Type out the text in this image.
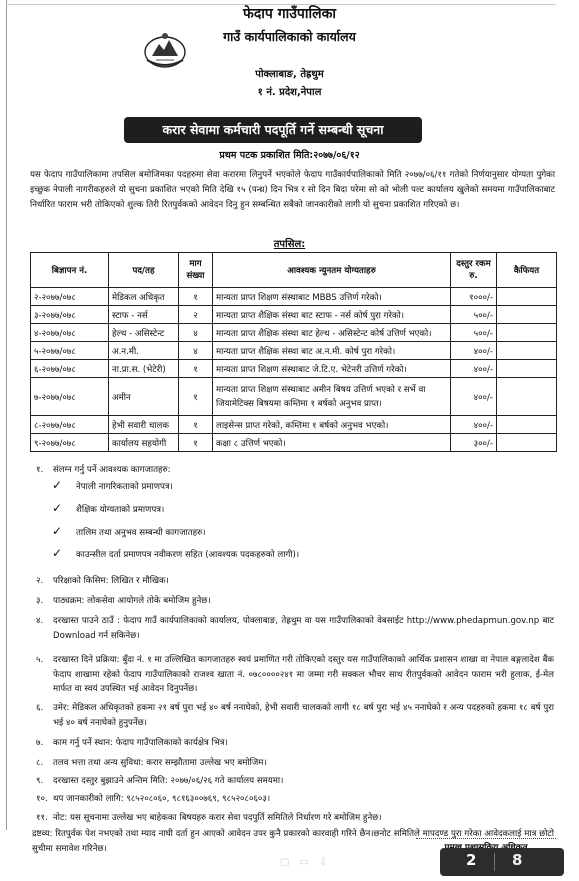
फेदाप गाउँपालिका
गाउँ कार्यपालिकाको कार्यालय
पोक्लाबाङ, तेह्रथुम
१ नं. प्रदेश,नेपाल
करार सेवामा कर्मचारी पदपूर्ति गर्ने सम्बन्धी सूचना
प्रथम पटक प्रकाशित मिति:२०७७/०६/१२
यस फेदाप गाउँपालिकामा तपसिल बमोजिमका पदहरुमा सेवा करारमा लिनुपर्ने भएकोले फेदाप गाउँकार्यपालिकाको मिति २०७७/०६/११ गतेको निर्णयानुसार योग्यता पुगेका इच्छुक नेपाली नागरीकहरुले यो सुचना प्रकाशित भएको मिति देखि १५ (पन्ध्र) दिन भित्र र सो दिन बिदा परेमा सो को भोली पल्ट कार्यालय खुलेको समयमा गाउँपालिकाबाट निर्धारित फाराम भरी तोकिएको शुल्क तिरी रितपुर्वकको आवेदन दिनु हुन सम्बन्धित सबैको जानकारीको लागी यो सुचना प्रकाशित गरिएको छ।
तपसिल:
बिज्ञापन नं.	पद/तह	माग संख्या	आवश्यक न्युनतम योग्यताहरु	दस्तुर रकम रु.	कैफियत
२-२०७७/०७८	मेडिकल अधिकृत	१	मान्यता प्राप्त शिक्षण संस्थाबाट MBBS उत्तिर्ण गरेको।	१०००/-	
३-२०७७/०७८	स्टाफ - नर्स	२	मान्यता प्राप्त शैक्षिक संस्था बाट स्टाफ - नर्स कोर्ष पुरा गरेको।	५००/-	
४-२०७७/०७८	हेल्थ - असिस्टेन्ट	४	मान्यता प्राप्त शैक्षिक संस्था बाट हेल्थ - असिस्टेन्ट कोर्ष उत्तिर्ण भएको।	५००/-	
५-२०७७/०७८	अ.न.मी.	४	मान्यता प्राप्त शैक्षिक संस्था बाट अ.न.मी. कोर्ष पुरा गरेको।	४००/-	
६-२०७७/०७८	ना.प्रा.स. (भेटेरी)	१	मान्यता प्राप्त शिक्षण संस्थाबाट जे.टि.ए. भेटेनरी उत्तिर्ण गरेको।	४००/-	
७-२०७७/०७८	अमीन	१	मान्यता प्राप्त शिक्षण संस्थाबाट अमीन बिषय उत्तिर्ण भएको र सर्भे वा जियामेटिक्स बिषयमा कम्तिमा १ बर्षको अनुभव प्राप्त।	४००/-	
८-२०७७/०७८	हेभी सवारी चालक	१	लाइसेन्स प्राप्त गरेको, कम्तिमा १ बर्षको अनुभव भएको।	४००/-	
९-२०७७/०७८	कार्यालय सहयोगी	१	कक्षा ८ उत्तिर्ण भएको।	३००/-	
१. संलग्न गर्नु पर्ने आवश्यक कागजातहरु:
✓ नेपाली नागरिकताको प्रमाणपत्र।
✓ शैक्षिक योग्यताको प्रमाणपत्र।
✓ तालिम तथा अनुभव सम्बन्धी कागजातहरु।
✓ काउन्सील दर्ता प्रमाणपत्र नवीकरण सहित (आवश्यक पदकहरुको लागी)।
२. परिक्षाको किसिम: लिखित र मौखिक।
३. पाठ्यक्रम: लोकसेवा आयोगले तोके बमोजिम हुनेछ।
४. दरखास्त पाउने ठाउँ : फेदाप गाउँ कार्यपालिकाको कार्यालय, पोक्लाबाङ, तेह्रथुम वा यस गाउँपालिकाको वेबसाईट http://www.phedapmun.gov.np बाट Download गर्न सकिनेछ।
५. दरखास्त दिने प्रक्रिया: बुँदा नं. १ मा उल्लिखित कागजातहरु स्वयं प्रमाणित गरी तोकिएको दस्तुर यस गाउँपालिकाको आर्थिक प्रशासन शाखा वा नेपाल बङ्गलादेश बैंक फेदाप शाखामा रहेको फेदाप गाउँपालिकाको राजश्व खाता नं. ०७८००००२४१ मा जम्मा गरी सक्कल भौचर साथ रीतपुर्वकको आवेदन फाराम भरी हुलाक, ई-मेल मार्फत वा स्वयं उपस्थित भई आवेदन दिनुपर्नेछ।
६. उमेर: मेडिकल अधिकृतको हकमा २१ बर्ष पुरा भई ४० बर्ष ननाघेको, हेभी सवारी चालकको लागी १८ बर्ष पुरा भई ४५ ननाघेको र अन्य पदहरुको हकमा १८ बर्ष पुरा भई ४० बर्ष ननाघेको हुनुपर्नेछ।
७. काम गर्नु पर्ने स्थान: फेदाप गाउँपालिकाको कार्यक्षेत्र भित्र।
८. तलव भत्ता तथा अन्य सुविधा: करार सम्झौतामा उल्लेख भए बमोजिम।
९. दरखास्त दस्तुर बुझाउने अन्तिम मिति: २०७७/०६/२६ गते कार्यालय समयमा।
१०. थप जानकारीको लागि: ९८५२०८०६०, ९८१६३००७६९, ९८५२०८०६०३।
११. नोट: यस सूचनामा उल्लेख भए बाहेकका बिषयहरु करार सेवा पदपुर्ति समितिले निर्धारण गरे बमोजिम हुनेछ।
द्रष्टव्य: रितपुर्वक पेश नभएको तथा म्याद नाघी दर्ता हुन आएको आवेदन उपर कुनै प्रकारको कारवाही गरिने छैन।छनोट समितिले मापदण्ड पुरा गरेका आवेदकलाई मात्र छोटो सुचीमा समावेश गरिनेछ।
▢▭⇩	2 8
